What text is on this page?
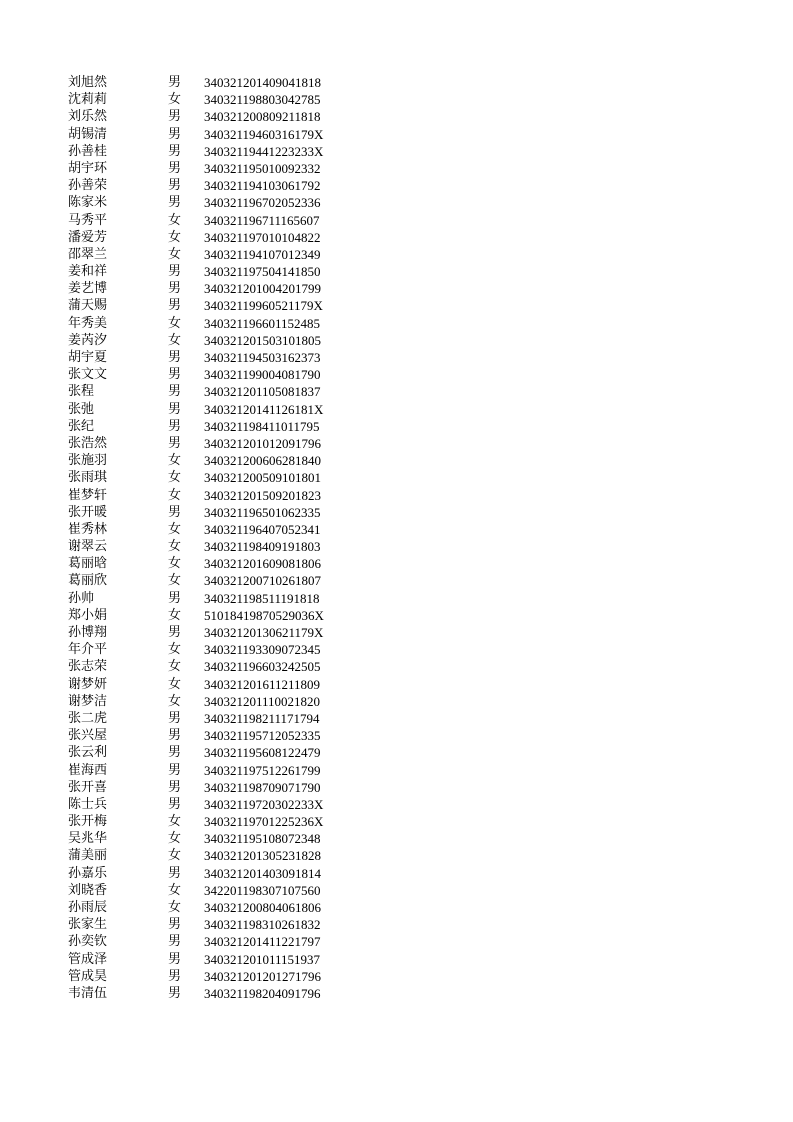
刘旭然	男 340321201409041818
沈莉莉	女 340321198803042785
刘乐然	男 340321200809211818
胡锡清	男 34032119460316179X
孙善桂	男 34032119441223233X
胡宇环	男 340321195010092332
孙善荣	男 340321194103061792
陈家米	男 340321196702052336
马秀平	女 340321196711165607
潘爱芳	女 340321197010104822
邵翠兰	女 340321194107012349
姜和祥	男 340321197504141850
姜艺博	男 340321201004201799
蒲天赐	男 34032119960521179X
年秀美	女 340321196601152485
姜芮汐	女 340321201503101805
胡宇夏	男 340321194503162373
张文文	男 340321199004081790
张程	男 340321201105081837
张弛	男 34032120141126181X
张纪	男 340321198411011795
张浩然	男 340321201012091796
张施羽	女 340321200606281840
张雨琪	女 340321200509101801
崔梦轩	女 340321201509201823
张开暖	男 340321196501062335
崔秀林	女 340321196407052341
谢翠云	女 340321198409191803
葛丽晗	女 340321201609081806
葛丽欣	女 340321200710261807
孙帅	男 340321198511191818
郑小娟	女 51018419870529036X
孙博翔	男 34032120130621179X
年介平	女 340321193309072345
张志荣	女 340321196603242505
谢梦妍	女 340321201611211809
谢梦洁	女 340321201110021820
张二虎	男 340321198211171794
张兴屋	男 340321195712052335
张云利	男 340321195608122479
崔海西	男 340321197512261799
张开喜	男 340321198709071790
陈士兵	男 34032119720302233X
张开梅	女 34032119701225236X
吴兆华	女 340321195108072348
蒲美丽	女 340321201305231828
孙嘉乐	男 340321201403091814
刘晓香	女 342201198307107560
孙雨辰	女 340321200804061806
张家生	男 340321198310261832
孙奕钦	男 340321201411221797
管成泽	男 340321201011151937
管成昊	男 340321201201271796
韦清伍	男 340321198204091796
